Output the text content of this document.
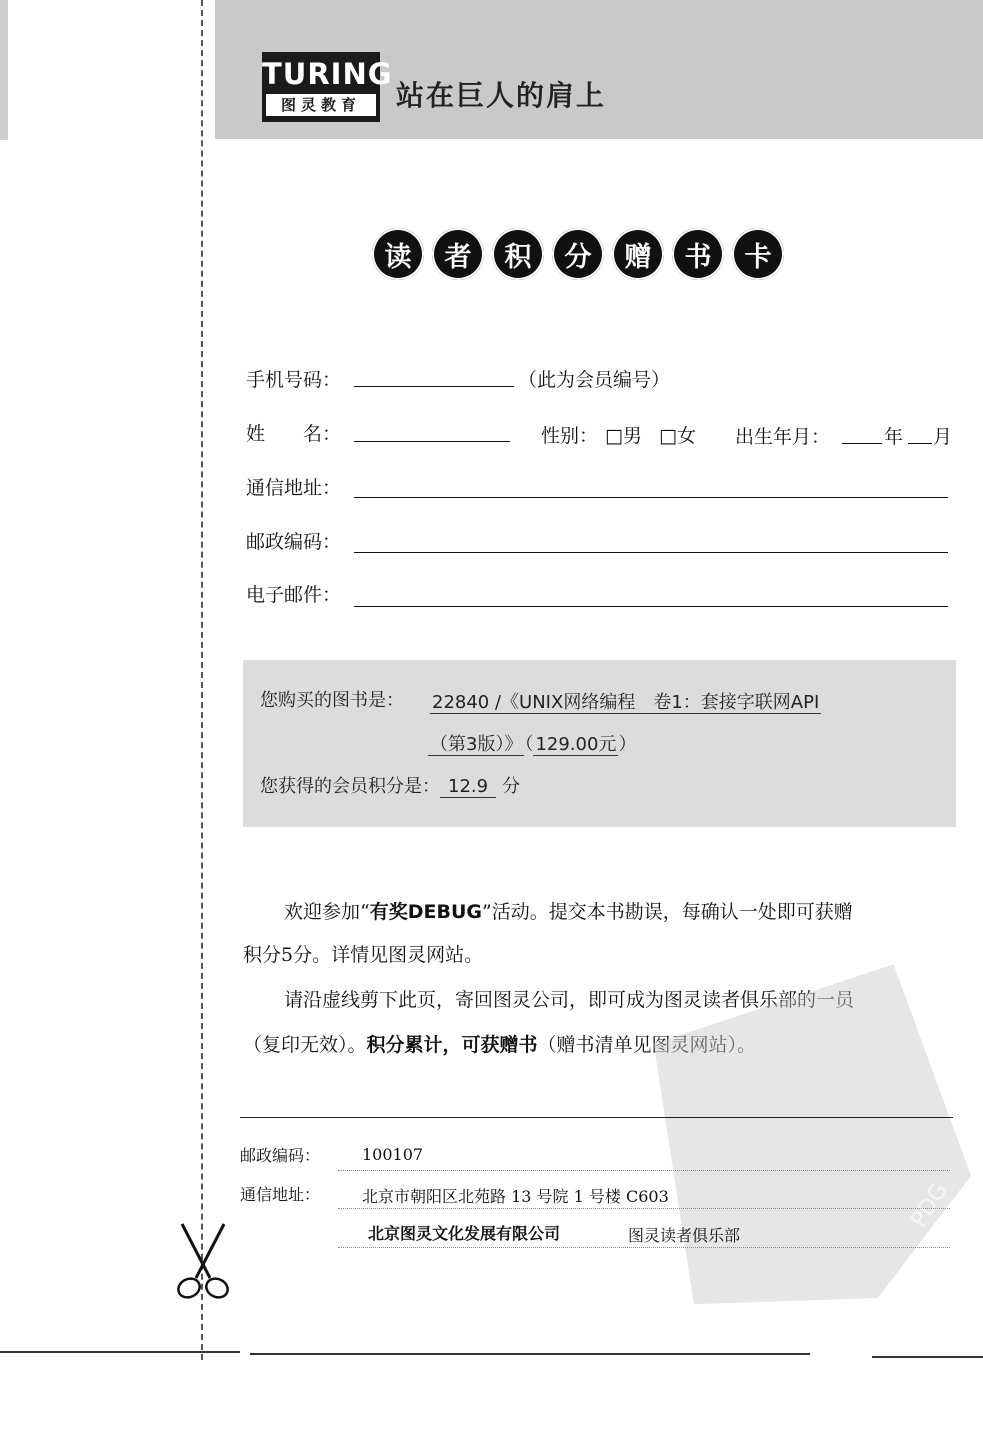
TURING
图灵教育	站在巨人的肩上
读	者	积	分	赠	书	卡
手机号码：	（此为会员编号）
姓　　名：	性别： □男 □女 出生年月：	年 月
通信地址：
邮政编码：
电子邮件：
您购买的图书是： 22840 /《UNIX网络编程　卷1：套接字联网API
（第3版）》 （ 129.00元 ）
您获得的会员积分是： 12.9 分
欢迎参加“有奖DEBUG”活动。提交本书勘误，每确认一处即可获赠
积分5分。详情见图灵网站。
请沿虚线剪下此页，寄回图灵公司，即可成为图灵读者俱乐部的一员
（复印无效）。积分累计，可获赠书（赠书清单见图灵网站）。
PDG
邮政编码：	100107
通信地址：	北京市朝阳区北苑路 13 号院 1 号楼 C603
北京图灵文化发展有限公司	图灵读者俱乐部
